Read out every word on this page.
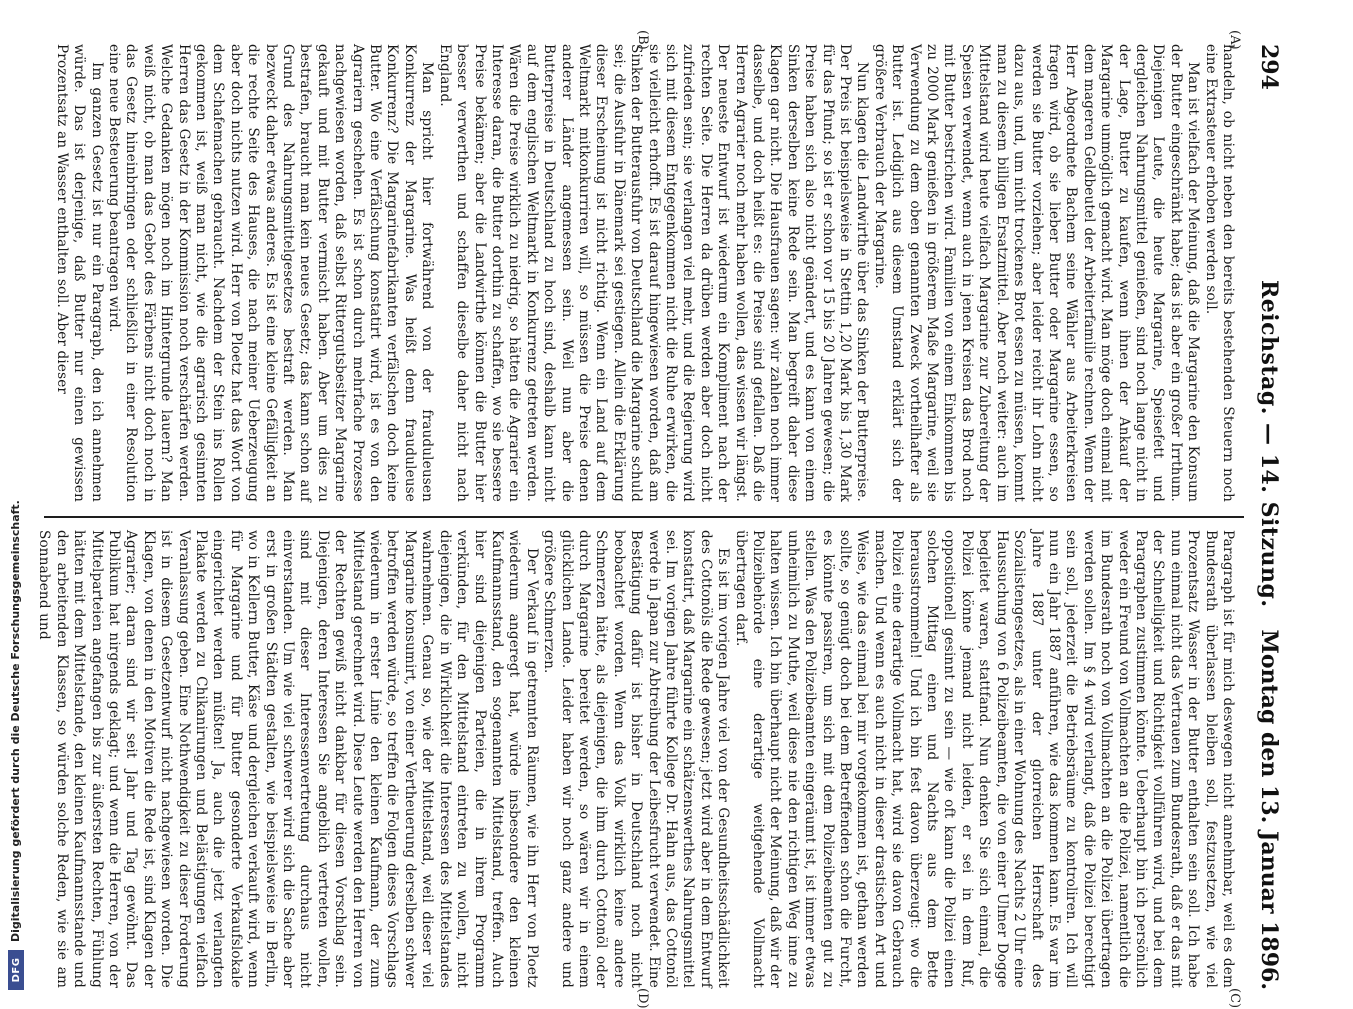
294
Reichstag. — 14. Sitzung.
Montag den 13. Januar 1896.
(A)
(B)
(C)
(D)

handeln, ob nicht neben den bereits bestehenden Steuern noch eine Extrasteuer erhoben werden soll.

Man ist vielfach der Meinung, daß die Margarine den Konsum der Butter eingeschränkt habe; das ist aber ein großer Irrthum. Diejenigen Leute, die heute Margarine, Speisefett und dergleichen Nahrungsmittel genießen, sind noch lange nicht in der Lage, Butter zu kaufen, wenn ihnen der Ankauf der Margarine unmöglich gemacht wird. Man möge doch einmal mit dem mageren Geldbeutel der Arbeiterfamilie rechnen. Wenn der Herr Abgeordnete Bachem seine Wähler aus Arbeiterkreisen fragen wird, ob sie lieber Butter oder Margarine essen, so werden sie Butter vorziehen; aber leider reicht ihr Lohn nicht dazu aus, und, um nicht trockenes Brot essen zu müssen, kommt man zu diesem billigen Ersatzmittel. Aber noch weiter: auch im Mittelstand wird heute vielfach Margarine zur Zubereitung der Speisen verwendet, wenn auch in jenen Kreisen das Brod noch mit Butter bestrichen wird. Familien von einem Einkommen bis zu 2000 Mark genießen in größerem Maße Margarine, weil sie Verwendung zu dem oben genannten Zweck vortheilhafter als Butter ist. Lediglich aus diesem Umstand erklärt sich der größere Verbrauch der Margarine.

Nun klagen die Landwirthe über das Sinken der Butterpreise. Der Preis ist beispielsweise in Stettin 1,20 Mark bis 1,30 Mark für das Pfund; so ist er schon vor 15 bis 20 Jahren gewesen; die Preise haben sich also nicht geändert, und es kann von einem Sinken derselben keine Rede sein. Man begreift daher diese Klagen gar nicht. Die Hausfrauen sagen: wir zahlen noch immer dasselbe, und doch heißt es: die Preise sind gefallen. Daß die Herren Agrarier noch mehr haben wollen, das wissen wir längst. Der neueste Entwurf ist wiederum ein Kompliment nach der rechten Seite. Die Herren da drüben werden aber doch nicht zufrieden sein; sie verlangen viel mehr, und die Regierung wird sich mit diesem Entgegenkommen nicht die Ruhe erwirken, die sie vielleicht erhofft. Es ist darauf hingewiesen worden, daß am Sinken der Butterausfuhr von Deutschland die Margarine schuld sei; die Ausfuhr in Dänemark sei gestiegen. Allein die Erklärung dieser Erscheinung ist nicht richtig. Wenn ein Land auf dem Weltmarkt mitkonkurriren will, so müssen die Preise denen anderer Länder angemessen sein. Weil nun aber die Butterpreise in Deutschland zu hoch sind, deshalb kann nicht auf dem englischen Weltmarkt in Konkurrenz getreten werden. Wären die Preise wirklich zu niedrig, so hätten die Agrarier ein Interesse daran, die Butter dorthin zu schaffen, wo sie bessere Preise bekämen; aber die Landwirthe können die Butter hier besser verwerthen und schaffen dieselbe daher nicht nach England.

Man spricht hier fortwährend von der frauduleusen Konkurrenz der Margarine. Was heißt denn frauduleuse Konkurrenz? Die Margarinefabrikanten verfälschen doch keine Butter. Wo eine Verfälschung konstatirt wird, ist es von den Agrariern geschehen. Es ist schon durch mehrfache Prozesse nachgewiesen worden, daß selbst Rittergutsbesitzer Margarine gekauft und mit Butter vermischt haben. Aber um dies zu bestrafen, braucht man kein neues Gesetz; das kann schon auf Grund des Nahrungsmittelgesetzes bestraft werden. Man bezweckt daher etwas anderes. Es ist eine kleine Gefälligkeit an die rechte Seite des Hauses, die nach meiner Ueberzeugung aber doch nichts nutzen wird. Herr von Ploetz hat das Wort von dem Schafemachen gebraucht. Nachdem der Stein ins Rollen gekommen ist, weiß man nicht, wie die agrarisch gesinnten Herren das Gesetz in der Kommission noch verschärfen werden. Welche Gedanken mögen noch im Hintergrunde lauern? Man weiß nicht, ob man das Gebot des Färbens nicht doch noch in das Gesetz hineinbringen oder schließlich in einer Resolution eine neue Besteuerung beantragen wird.

Im ganzen Gesetz ist nur ein Paragraph, den ich annehmen würde. Das ist derjenige, daß Butter nur einen gewissen Prozentsatz an Wasser enthalten soll. Aber dieser

Paragraph ist für mich deswegen nicht annehmbar, weil es dem Bundesrath überlassen bleiben soll, festzusetzen, wie viel Prozentsatz Wasser in der Butter enthalten sein soll. Ich habe nun einmal nicht das Vertrauen zum Bundesrath, daß er das mit der Schnelligkeit und Richtigkeit vollführen wird, und bei dem Paragraphen zustimmen könnte. Ueberhaupt bin ich persönlich weder ein Freund von Vollmachten an die Polizei, namentlich die im Bundesrath noch von Vollmachten an die Polizei übertragen werden sollen. Im § 4 wird verlangt, daß die Polizei berechtigt sein soll, jederzeit die Betriebsräume zu kontroliren. Ich will nun ein Jahr 1887 anführen, wie das kommen kann. Es war im Jahre 1887 unter der glorreichen Herrschaft des Sozialistengesetzes, als in einer Wohnung des Nachts 2 Uhr eine Haussuchung von 6 Polizeibeamten, die von einer Ulmer Dogge begleitet waren, stattfand. Nun denken Sie sich einmal, die Polizei könne jemand nicht leiden, er sei in dem Ruf, oppositionell gesinnt zu sein — wie oft kann die Polizei einen solchen Mittag einen und Nachts aus dem Bette herausstrommeln! Und ich bin fest davon überzeugt: wo die Polizei eine derartige Vollmacht hat, wird sie davon Gebrauch machen. Und wenn es auch nicht in dieser drastischen Art und Weise, wie das einmal bei mir vorgekommen ist, gethan werden sollte, so genügt doch bei dem Betreffenden schon die Furcht, es könnte passiren, um sich mit dem Polizeibeamten gut zu stellen. Was den Polizeibeamten eingeräumt ist, ist immer etwas unheimlich zu Muthe, weil diese nie den richtigen Weg inne zu halten wissen. Ich bin überhaupt nicht der Meinung, daß wir der Polizeibehörde eine derartige weitgehende Vollmacht übertragen darf.

Es ist im vorigen Jahre viel von der Gesundheitsschädlichkeit des Cottonöls die Rede gewesen; jetzt wird aber in dem Entwurf konstatirt, daß Margarine ein schätzenswerthes Nahrungsmittel sei. Im vorigen Jahre führte Kollege Dr. Hahn aus, das Cottonöl werde in Japan zur Abtreibung der Leibesfrucht verwendet. Eine Bestätigung dafür ist bisher in Deutschland noch nicht beobachtet worden. Wenn das Volk wirklich keine andere Schmerzen hätte, als diejenigen, die ihm durch Cottonöl oder durch Margarine bereitet werden, so wären wir in einem glücklichen Lande. Leider haben wir noch ganz andere und größere Schmerzen.

Der Verkauf in getrennten Räumen, wie ihn Herr von Ploetz wiederum angeregt hat, würde insbesondere den kleinen Kaufmannsstand, den sogenannten Mittelstand, treffen. Auch hier sind diejenigen Parteien, die in ihrem Programm verkünden, für den Mittelstand eintreten zu wollen, nicht diejenigen, die in Wirklichkeit die Interessen des Mittelstandes wahrnehmen. Genau so, wie der Mittelstand, weil dieser viel Margarine konsumirt, von einer Vertheuerung derselben schwer betroffen werden würde, so treffen die Folgen dieses Vorschlags wiederum in erster Linie den kleinen Kaufmann, der zum Mittelstand gerechnet wird. Diese Leute werden den Herren von der Rechten gewiß nicht dankbar für diesen Vorschlag sein. Diejenigen, deren Interessen Sie angeblich vertreten wollen, sind mit dieser Interessenvertretung durchaus nicht einverstanden. Um wie viel schwerer wird sich die Sache aber erst in großen Städten gestalten, wie beispielsweise in Berlin, wo in Kellern Butter, Käse und dergleichen verkauft wird, wenn für Margarine und für Butter gesonderte Verkaufslokale eingerichtet werden müßten! Ja, auch die jetzt verlangten Plakate werden zu Chikanirungen und Belästigungen vielfach Veranlassung geben. Eine Nothwendigkeit zu dieser Forderung ist in diesem Gesetzentwurf nicht nachgewiesen worden. Die Klagen, von denen in den Motiven die Rede ist, sind Klagen der Agrarier; daran sind wir seit Jahr und Tag gewöhnt. Das Publikum hat nirgends geklagt; und wenn die Herren, von der Mittelparteien angefangen bis zur äußersten Rechten, Fühlung hätten mit dem Mittelstande, den kleinen Kaufmannsstande und den arbeitenden Klassen, so würden solche Reden, wie sie am Sonnabend und

DFG
Digitalisierung gefördert durch die Deutsche Forschungsgemeinschaft.
